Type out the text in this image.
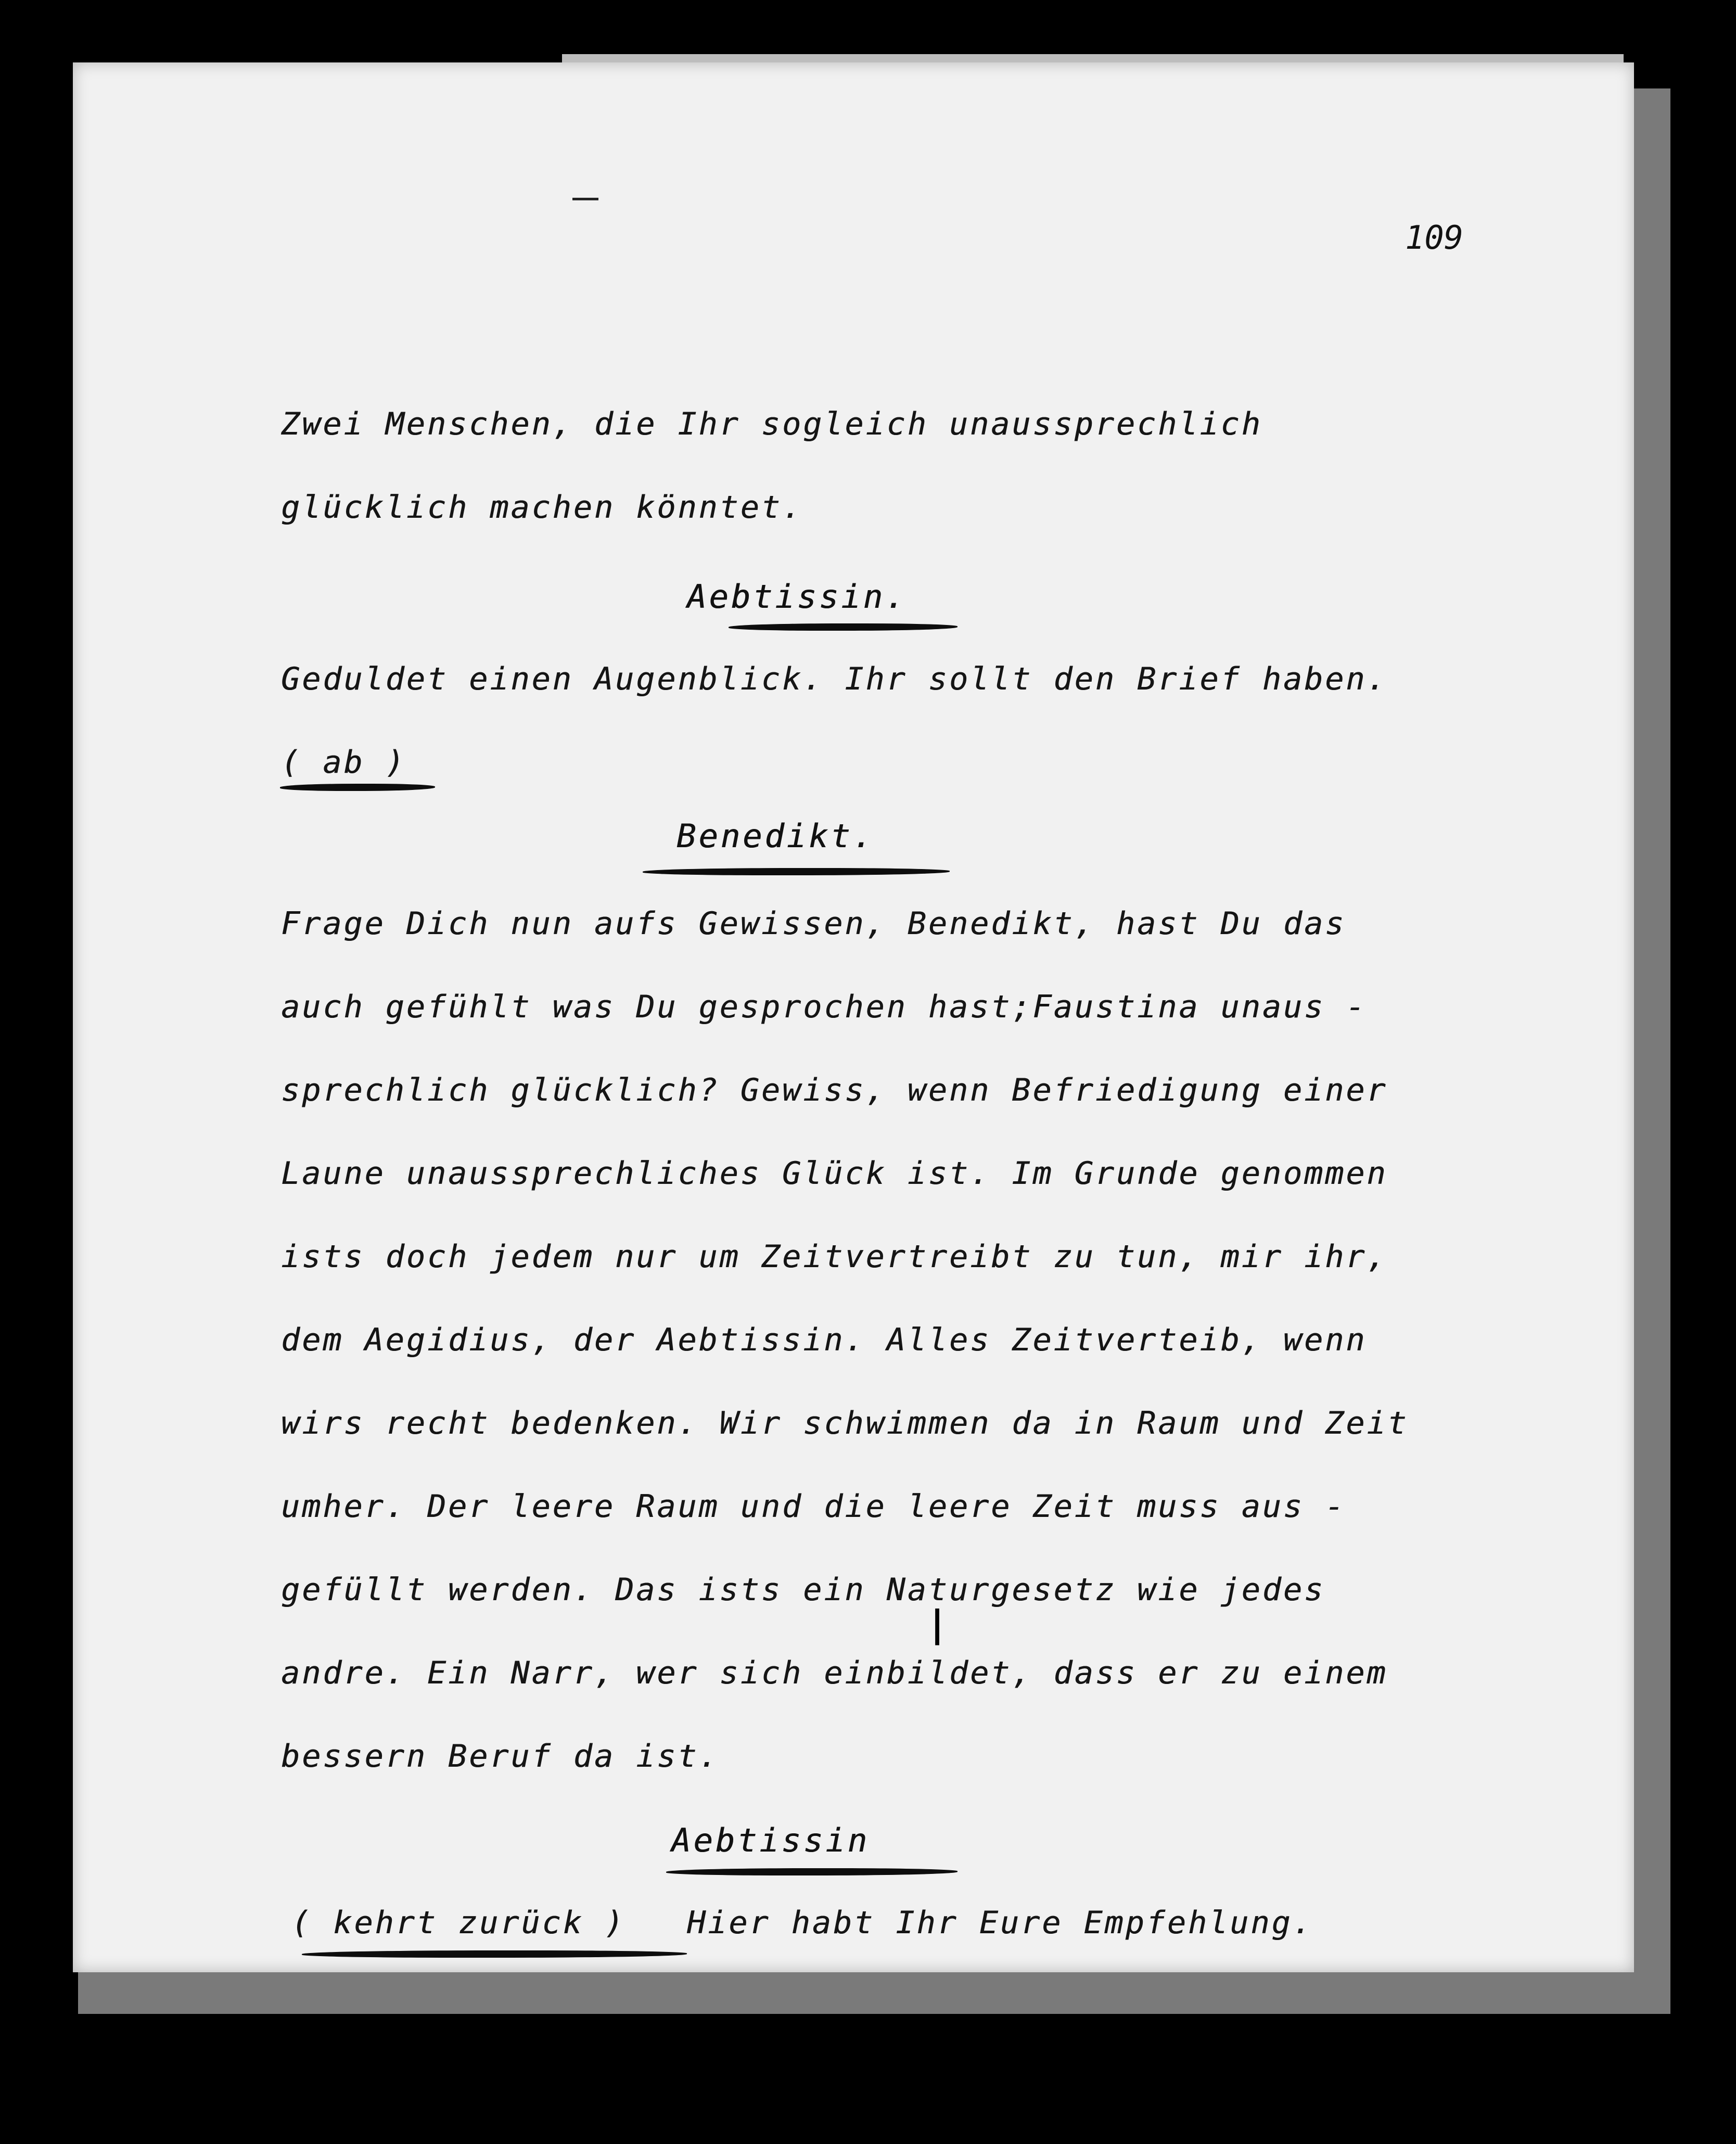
109
Zwei Menschen, die Ihr sogleich unaussprechlich
glücklich machen könntet.
Aebtissin.
Geduldet einen Augenblick. Ihr sollt den Brief haben.
( ab )
Benedikt.
Frage Dich nun aufs Gewissen, Benedikt, hast Du das
auch gefühlt was Du gesprochen hast;Faustina unaus -
sprechlich glücklich? Gewiss, wenn Befriedigung einer
Laune unaussprechliches Glück ist. Im Grunde genommen
ists doch jedem nur um Zeitvertreibt zu tun, mir ihr,
dem Aegidius, der Aebtissin. Alles Zeitverteib, wenn
wirs recht bedenken. Wir schwimmen da in Raum und Zeit
umher. Der leere Raum und die leere Zeit muss aus -
gefüllt werden. Das ists ein Naturgesetz wie jedes
andre. Ein Narr, wer sich einbildet, dass er zu einem
bessern Beruf da ist.
|
Aebtissin
( kehrt zurück ) Hier habt Ihr Eure Empfehlung.
